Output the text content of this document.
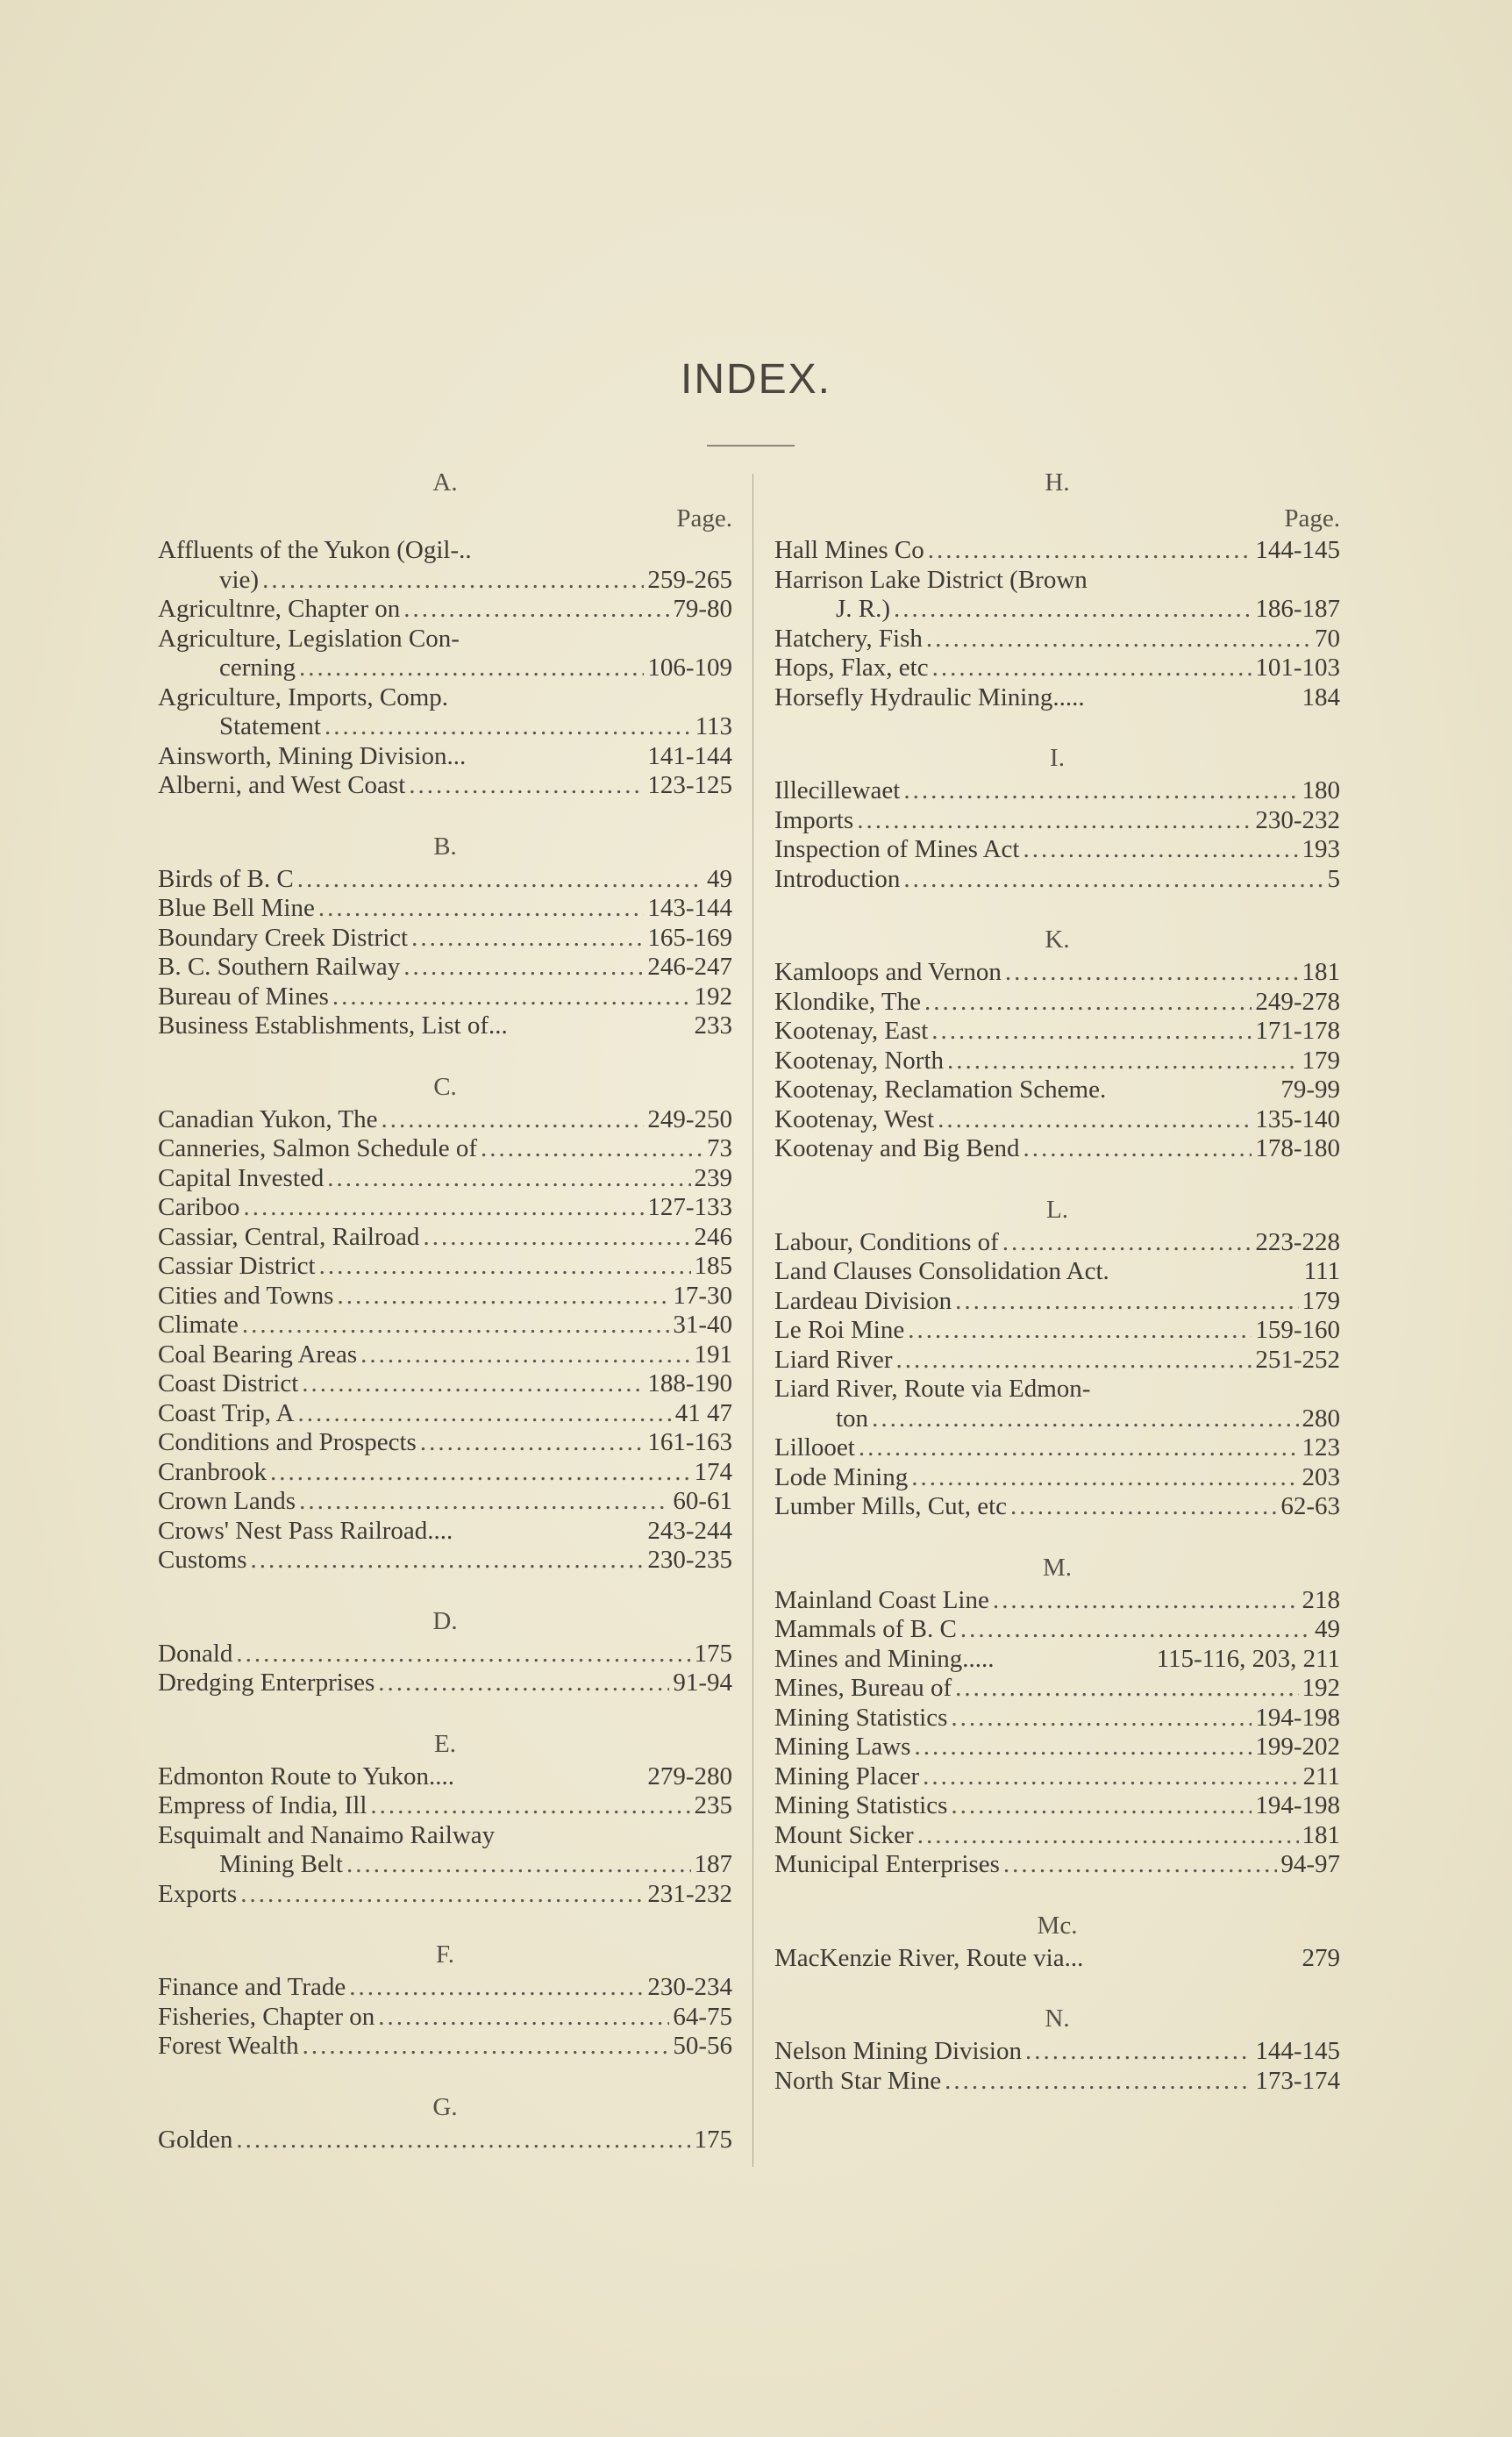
INDEX.
A.
Page.
Affluents of the Yukon (Ogil-..
vie) .....	259-265
Agricultnre, Chapter on .....	79-80
Agriculture, Legislation Con-
cerning .....	106-109
Agriculture, Imports, Comp.
Statement .....	113
Ainsworth, Mining Division...	141-144
Alberni, and West Coast .....	123-125
B.
Birds of B. C .....	49
Blue Bell Mine .....	143-144
Boundary Creek District .....	165-169
B. C. Southern Railway .....	246-247
Bureau of Mines .....	192
Business Establishments, List of...	233
C.
Canadian Yukon, The .....	249-250
Canneries, Salmon Schedule of .....	73
Capital Invested .....	239
Cariboo .....	127-133
Cassiar, Central, Railroad .....	246
Cassiar District .....	185
Cities and Towns .....	17-30
Climate .....	31-40
Coal Bearing Areas .....	191
Coast District .....	188-190
Coast Trip, A .....	41 47
Conditions and Prospects .....	161-163
Cranbrook .....	174
Crown Lands .....	60-61
Crows' Nest Pass Railroad....	243-244
Customs .....	230-235
D.
Donald .....	175
Dredging Enterprises .....	91-94
E.
Edmonton Route to Yukon....	279-280
Empress of India, Ill .....	235
Esquimalt and Nanaimo Railway
Mining Belt .....	187
Exports .....	231-232
F.
Finance and Trade .....	230-234
Fisheries, Chapter on .....	64-75
Forest Wealth .....	50-56
G.
Golden .....	175
H.
Page.
Hall Mines Co .....	144-145
Harrison Lake District (Brown
J. R.) .....	186-187
Hatchery, Fish .....	70
Hops, Flax, etc .....	101-103
Horsefly Hydraulic Mining.....	184
I.
Illecillewaet .....	180
Imports .....	230-232
Inspection of Mines Act .....	193
Introduction .....	5
K.
Kamloops and Vernon .....	181
Klondike, The .....	249-278
Kootenay, East .....	171-178
Kootenay, North .....	179
Kootenay, Reclamation Scheme.	79-99
Kootenay, West .....	135-140
Kootenay and Big Bend .....	178-180
L.
Labour, Conditions of .....	223-228
Land Clauses Consolidation Act.	111
Lardeau Division .....	179
Le Roi Mine .....	159-160
Liard River .....	251-252
Liard River, Route via Edmon-
ton .....	280
Lillooet .....	123
Lode Mining .....	203
Lumber Mills, Cut, etc .....	62-63
M.
Mainland Coast Line .....	218
Mammals of B. C .....	49
Mines and Mining.....	115-116, 203, 211
Mines, Bureau of .....	192
Mining Statistics .....	194-198
Mining Laws .....	199-202
Mining Placer .....	211
Mining Statistics .....	194-198
Mount Sicker .....	181
Municipal Enterprises .....	94-97
Mc.
MacKenzie River, Route via...	279
N.
Nelson Mining Division .....	144-145
North Star Mine .....	173-174
